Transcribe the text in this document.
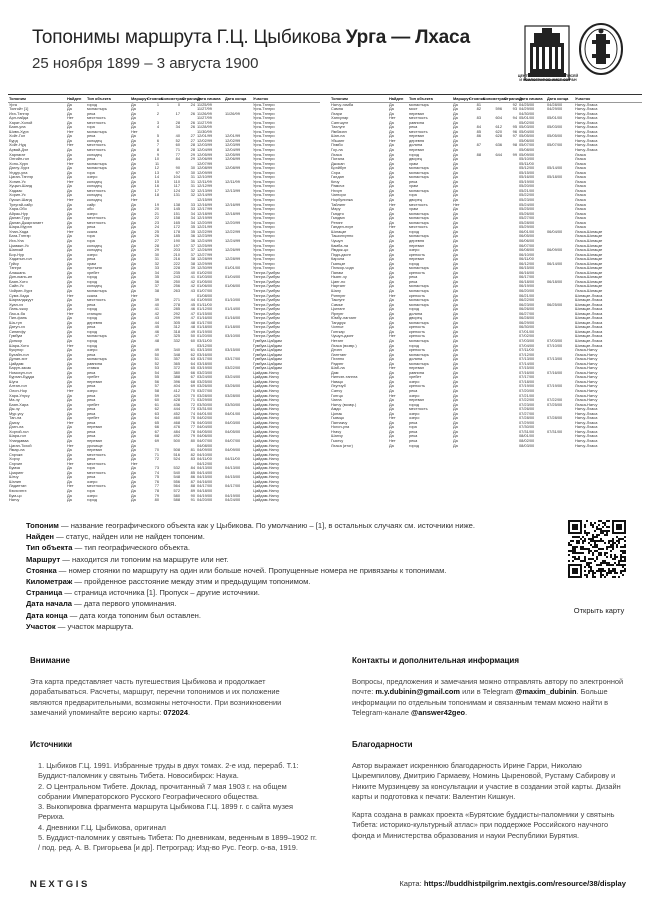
Топонимы маршрута Г.Ц. Цыбикова Урга — Лхаса
25 ноября 1899 – 3 августа 1900
ЦЕНТР ВОСТОЧНЫХ РУКОПИСЕЙ И КСИЛОГРАФОВ ИМБТ СО РАН
Топоним	Найден	Тип объекта	Маршрут	Стоянка	Километраж	Страница	Дата начала	Дата конца	Участок
Урга	Да	город	Да	1	0	24	11/25/99		Урга-Тэнгри
Толгойт [1]	Да	монастырь	Да				11/27/99		Урга-Тэнгри
Ихэ-Тэнгэр	Да	река	Да	2	17	26	11/26/99	11/26/99	Урга-Тэнгри
Арл-найда	Нет	местность	Да				11/27/99		Урга-Тэнгри
Харат-Холой	Да	местность	Да	3	28	26	11/27/99		Урга-Тэнгри
Баян-ула	Да	гора	Да	4	34	26	11/28/99		Урга-Тэнгри
Шивэ-Хурэ	Нет	монастырь	Нет				11/30/99		Урга-Тэнгри
Хойт-Гол	Да	река	Да	5	40	27	12/01/99	12/01/99	Урга-Тэнгри
Бурд	Да	колодец	Да	6	52	27	12/02/99	12/02/99	Урга-Тэнгри
Хойт-Нуд	Нет	местность	Да	7	60	28	12/03/99	12/03/99	Урга-Тэнгри
Арвай-Дэл	Да	местность	Да	8	71	28	12/04/99	12/04/99	Урга-Тэнгри
Харлагат	Да	колодец	Да	9	77	29	12/05/99	12/05/99	Урга-Тэнгри
Онгийн-гол	Да	река	Да	10	84	29	12/06/99	12/06/99	Урга-Тэнгри
Хоно-Хурэ	Нет	монастырь	Да	11			12/07/99		Урга-Тэнгри
Даглу-Хурэ	Да	монастырь	Да	12	90	30	12/08/99	12/08/99	Урга-Тэнгри
Ундур-ула	Да	гора	Да	13	97	30	12/09/99		Урга-Тэнгри
Цаган-Тэнгэр	Да	озеро	Да	14	104	31	12/10/99		Урга-Тэнгри
Хонин-Ус	Нет	колодец	Да	15	110	31	12/11/99	12/11/99	Урга-Тэнгри
Хуцын-Шанд	Да	колодец	Да	16	117	31	12/12/99		Урга-Тэнгри
Хадаас	Да	местность	Да	17	124	32	12/13/99	12/13/99	Урга-Тэнгри
Хорин-Ус	Да	колодец	Да	18	131	32	12/14/99		Урга-Тэнгри
Лусын-Шанд	Нет	колодец	Нет				12/15/99		Урга-Тэнгри
Тулугай-сайр	Да	сайр	Да	19	138	33	12/16/99	12/16/99	Урга-Тэнгри
Хара-Обо	Да	обо	Да	20	145	33	12/17/99		Урга-Тэнгри
Айрак-Нур	Да	озеро	Да	21	151	34	12/18/99	12/18/99	Урга-Тэнгри
Далан-Туру	Да	местность	Да	22	158	34	12/19/99		Урга-Тэнгри
Далан-Джаргалант	Да	местность	Да	23	165	34	12/20/99	12/20/99	Урга-Тэнгри
Шара-Мурэн	Да	река	Да	24	172	35	12/21/99		Урга-Тэнгри
Улан-Хада	Нет	скала	Да	25	178	35	12/22/99	12/22/99	Урга-Тэнгри
Бага-Тэнгэр	Да	гора	Да	26	185	36	12/23/99		Урга-Тэнгри
Ихэ-Ула	Да	гора	Да	27	190	36	12/24/99	12/24/99	Урга-Тэнгри
Цзамын-Ус	Да	колодец	Да	28	197	37	12/25/99		Урга-Тэнгри
Шанхай	Да	колодец	Да	29	203	37	12/26/99	12/26/99	Урга-Тэнгри
Бор-Нур	Да	озеро	Да	30	210	37	12/27/99		Урга-Тэнгри
Хадатын-гол	Да	река	Да	31	216	38	12/28/99	12/28/99	Урга-Тэнгри
Гуйсу	Да	храм	Да	32	222	38	12/29/99		Урга-Тэнгри
Тэнгри	Да	пустыня	Да	33	228	39	12/30/99	01/01/00	Урга-Тэнгри
Алашань	Да	хребет	Да	34	235	40	01/02/00		Тэнгри-Гумбум
Дин-юань-ин	Да	город	Да	35	243	41	01/03/00	01/04/00	Тэнгри-Гумбум
Баян-Хото	Да	город	Да	36	250	42	01/05/00		Тэнгри-Гумбум
Сайн-Ус	Да	колодец	Да	37	256	42	01/06/00	01/06/00	Тэнгри-Гумбум
Чойрин-Хурэ	Да	монастырь	Да	38	263	43	01/07/00		Тэнгри-Гумбум
Сумэ-Хада	Нет	скала	Нет				01/08/00		Тэнгри-Гумбум
Шаргалджуут	Да	местность	Да	39	271	44	01/09/00	01/10/00	Тэнгри-Гумбум
Хуан-хэ	Да	река	Да	40	278	45	01/11/00		Тэнгри-Гумбум
Лань-чжоу	Да	город	Да	41	285	46	01/12/00	01/14/00	Тэнгри-Гумбум
Лао-я-ба	Нет	станция	Да	42	292	47	01/15/00		Тэнгри-Гумбум
Пин-фань	Да	город	Да	43	299	47	01/16/00	01/16/00	Тэнгри-Гумбум
Ша-тун	Да	деревня	Да	44	305	48	01/17/00		Тэнгри-Гумбум
Датун-хэ	Да	река	Да	45	312	48	01/18/00	01/18/00	Тэнгри-Гумбум
Сининфу	Да	город	Да	46	318	49	01/19/00		Тэнгри-Гумбум
Гумбум	Да	монастырь	Да	47	325	50	01/20/00	03/10/00	Тэнгри-Гумбум
Донкор	Да	город	Да	48	332	60	03/11/00		Гумбум-Цайдам
Шара-Хото	Нет	город	Да				03/12/00		Гумбум-Цайдам
Кукунор	Да	озеро	Да	49	340	61	03/13/00	03/15/00	Гумбум-Цайдам
Бухайн-гол	Да	река	Да	50	348	62	03/16/00		Гумбум-Цайдам
Дулан-хит	Да	монастырь	Да	51	357	63	03/17/00	03/17/00	Гумбум-Цайдам
Цайдам	Да	равнина	Да	52	365	64	03/18/00		Гумбум-Цайдам
Барун-засак	Да	ставка	Да	53	372	65	03/19/00	03/22/00	Гумбум-Цайдам
Номохун-гол	Да	река	Да	54	380	66	03/23/00		Цайдам-Нагчу
Бурхан-Будда	Да	хребет	Да	55	388	67	03/24/00	03/24/00	Цайдам-Нагчу
Шуга	Да	перевал	Да	56	396	68	03/25/00		Цайдам-Нагчу
Алтан-гол	Да	река	Да	57	404	69	03/26/00	03/26/00	Цайдам-Нагчу
Олон-Нор	Нет	озеро	Да	58	412	70	03/27/00		Цайдам-Нагчу
Хара-Улусу	Да	река	Да	59	420	70	03/28/00	03/28/00	Цайдам-Нагчу
Ма-чу	Да	река	Да	60	428	71	03/29/00		Цайдам-Нагчу
Баян-Хара	Да	хребет	Да	61	436	72	03/30/00	03/30/00	Цайдам-Нагчу
Ды-чу	Да	река	Да	62	444	73	03/31/00		Цайдам-Нагчу
Мур-усу	Да	река	Да	63	452	74	04/01/00	04/01/00	Цайдам-Нагчу
Тан-ла	Да	хребет	Да	64	460	75	04/02/00		Цайдам-Нагчу
Дзачу	Нет	река	Да	65	468	76	04/03/00	04/03/00	Цайдам-Нагчу
Дзэн-ла	Да	перевал	Да	66	476	77	04/04/00		Цайдам-Нагчу
Хоргой-гол	Да	река	Да	67	484	78	04/05/00	04/05/00	Цайдам-Нагчу
Шара-гол	Да	река	Да	68	492	79	04/06/00		Цайдам-Нагчу
Уландаваа	Да	перевал	Да	69	500	80	04/07/00	04/07/00	Цайдам-Нагчу
Цаган-Тохой	Нет	урочище	Да				04/08/00		Цайдам-Нагчу
Ямар-ла	Да	перевал	Да	70	508	81	04/09/00	04/09/00	Цайдам-Нагчу
Сэрчжэ	Да	местность	Да	71	516	82	04/10/00		Цайдам-Нагчу
Хорчу	Да	река	Да	72	524	83	04/11/00	04/11/00	Цайдам-Нагчу
Сэрчин	Нет	местность	Нет				04/12/00		Цайдам-Нагчу
Бумза	Да	гора	Да	73	532	84	04/13/00	04/13/00	Цайдам-Нагчу
Цзаринг	Да	местность	Да	74	540	85	04/14/00		Цайдам-Нагчу
Шэчу	Да	река	Да	75	548	86	04/15/00	04/15/00	Цайдам-Нагчу
Шэлин	Да	озеро	Да	76	556	87	04/16/00		Цайдам-Нагчу
Ладинтан	Нет	местность	Да	77	564	88	04/17/00	04/17/00	Цайдам-Нагчу
Кэкэсэнгэ	Да	гора	Да	78	572	89	04/18/00		Цайдам-Нагчу
Бум-цо	Да	озеро	Да	79	580	90	04/19/00	04/19/00	Цайдам-Нагчу
Нагчу	Да	город	Да	80	588	91	04/20/00	04/24/00	Цайдам-Нагчу
Топоним	Найден	Тип объекта	Маршрут	Стоянка	Километраж	Страница	Дата начала	Дата конца	Участок
Нагчу-гомба	Да	монастырь	Да	81		92	04/25/00	04/28/00	Нагчу-Лхаса
Сампа	Да	мост	Да	82	596	93	04/29/00	04/29/00	Нагчу-Лхаса
Лхари	Да	перевал	Да				04/30/00		Нагчу-Лхаса
Ханхулар	Нет	местность	Да	83	604	94	05/01/00	05/01/00	Нагчу-Лхаса
Сангшунг	Да	равнина	Да				05/02/00		Нагчу-Лхаса
Тахлунг	Да	река	Да	84	612	95	05/03/00	05/03/00	Нагчу-Лхаса
Ямбачэн	Да	местность	Да	85	620	96	05/04/00		Нагчу-Лхаса
Шан-ла	Да	перевал	Да	86	628	97	05/05/00	05/05/00	Нагчу-Лхаса
Уйшанг	Нет	деревня	Да				05/06/00		Нагчу-Лхаса
Пэмбо	Да	долина	Да	87	636	98	05/07/00	05/07/00	Нагчу-Лхаса
Гоу-ла	Да	перевал	Да				05/08/00		Нагчу-Лхаса
Лхаса	Да	город	Да	88	644	99	05/09/00		Лхаса
Поталa	Да	дворец	Да				05/10/00		Лхаса
Джокан	Да	храм	Да				05/11/00		Лхаса
Брэйбун	Да	монастырь	Да				05/12/00	05/14/00	Лхаса
Сэра	Да	монастырь	Да				05/15/00		Лхаса
Галдан	Да	монастырь	Да				05/16/00	05/18/00	Лхаса
Кичу	Да	река	Да				05/19/00		Лхаса
Рамочэ	Да	храм	Да				05/20/00		Лхаса
Нэчун	Да	монастырь	Да				05/21/00		Лхаса
Чагпори	Да	гора	Да				05/22/00		Лхаса
Норбулинка	Да	дворец	Да				05/23/00		Лхаса
Тайлинг	Нет	местность	Нет				05/24/00		Лхаса
Мару	Да	храм	Да				05/25/00		Лхаса
Гьюдто	Да	монастырь	Да				05/26/00		Лхаса
Гьюдмэ	Да	монастырь	Да				05/27/00		Лхаса
Рэтинг	Да	монастырь	Да				05/28/00		Лхаса
Ганден-пхун	Нет	местность	Да				05/29/00		Лхаса
Шигацзе	Да	город	Да				06/01/00	06/04/00	Лхаса-Шигацзе
Ташилхунпо	Да	монастырь	Да				06/05/00		Лхаса-Шигацзе
Чушул	Да	деревня	Да				06/06/00		Лхаса-Шигацзе
Камба-ла	Да	перевал	Да				06/07/00		Лхаса-Шигацзе
Ямдок-цо	Да	озеро	Да				06/08/00	06/09/00	Лхаса-Шигацзе
Пэдэ-дзонг	Да	крепость	Да				06/10/00		Лхаса-Шигацзе
Карола	Да	перевал	Да				06/11/00		Лхаса-Шигацзе
Гьянцзе	Да	город	Да				06/12/00	06/14/00	Лхаса-Шигацзе
Пэлкор-чодэ	Да	монастырь	Да				06/15/00		Лхаса-Шигацзе
Панам	Да	крепость	Да				06/16/00		Лхаса-Шигацзе
Ньянг-чу	Да	река	Да				06/17/00		Лхаса-Шигацзе
Цанг-по	Да	река	Да				06/18/00	06/18/00	Лхаса-Шигацзе
Нартанг	Да	монастырь	Да				06/19/00		Лхаса-Шигацзе
Шалу	Да	монастырь	Да				06/20/00		Лхаса-Шигацзе
Ринпунг	Нет	крепость	Да				06/21/00		Шигацзе-Лхаса
Таклунг	Да	монастырь	Да				06/22/00		Шигацзе-Лхаса
Самье	Да	монастырь	Да				06/23/00	06/25/00	Шигацзе-Лхаса
Цзэтанг	Да	город	Да				06/26/00		Шигацзе-Лхаса
Ярлунг	Да	долина	Да				06/27/00		Шигацзе-Лхаса
Юмбу-лагханг	Да	дворец	Да				06/28/00		Шигацзе-Лхаса
Тандрук	Да	монастырь	Да				06/29/00		Шигацзе-Лхаса
Чонгье	Да	крепость	Да				06/30/00		Шигацзе-Лхаса
Гонгкар	Да	крепость	Да				07/01/00		Шигацзе-Лхаса
Чушул-дзонг	Нет	крепость	Да				07/02/00		Шигацзе-Лхаса
Нетанг	Да	монастырь	Да				07/03/00	07/03/00	Шигацзе-Лхаса
Лхаса (возвр.)	Да	город	Да				07/04/00	07/10/00	Шигацзе-Лхаса
Дэчэн	Да	крепость	Да				07/11/00		Лхаса-Нагчу
Лангтанг	Да	монастырь	Да				07/12/00		Лхаса-Нагчу
Пхэнпо	Да	долина	Да				07/13/00	07/13/00	Лхаса-Нагчу
Радэнг	Да	монастырь	Да				07/14/00		Лхаса-Нагчу
Шаб-ла	Нет	перевал	Да				07/15/00		Лхаса-Нагчу
Дам	Да	равнина	Да				07/16/00	07/16/00	Лхаса-Нагчу
Нинчэн-тангла	Да	хребет	Да				07/17/00		Лхаса-Нагчу
Намцо	Да	озеро	Да				07/18/00		Лхаса-Нагчу
Лхунчуб	Да	крепость	Да				07/19/00	07/19/00	Лхаса-Нагчу
Санчу	Да	река	Да				07/20/00		Лхаса-Нагчу
Гонгцо	Нет	озеро	Да				07/21/00		Лхаса-Нагчу
Чагла	Да	перевал	Да				07/22/00	07/22/00	Лхаса-Нагчу
Нагчу (возвр.)	Да	город	Да				07/23/00	07/25/00	Лхаса-Нагчу
Амдо	Да	местность	Да				07/26/00		Нагчу-Лхаса
Цонак	Да	озеро	Да				07/27/00		Нагчу-Лхаса
Гьямцо	Нет	озеро	Да				07/28/00	07/28/00	Нагчу-Лхаса
Пагнакчу	Да	река	Да				07/29/00		Нагчу-Лхаса
Ногон-ула	Да	гора	Да				07/30/00		Нагчу-Лхаса
Нгачу	Да	река	Да				07/31/00	07/31/00	Нагчу-Лхаса
Шапчу	Да	река	Да				08/01/00		Нагчу-Лхаса
Гьялчу	Нет	река	Да				08/02/00		Нагчу-Лхаса
Лхаса (итог)	Да	город	Да				08/03/00		Нагчу-Лхаса
Топоним — название географического объекта как у Цыбикова. По умолчанию – [1], в остальных случаях см. источники ниже.
Найден — статус, найден или не найден топоним.
Тип объекта — тип географического объекта.
Маршрут — находится ли топоним на маршруте или нет.
Стоянка — номер стоянки по маршруту на один или больше ночей. Пропущенные номера не привязаны к топонимам.
Километраж — пройденное расстояние между этим и предыдущим топонимом.
Страница — страница источника [1]. Пропуск – другие источники.
Дата начала — дата первого упоминания.
Дата конца — дата когда топоним был оставлен.
Участок — участок маршрута.
Открыть карту
Внимание

Эта карта представляет часть путешествия Цыбикова и продолжает дорабатываться. Расчеты, маршрут, перечни топонимов и их положение являются предварительными, возможны неточности. При возникновении замечаний упоминайте версию карты: 072024.

Контакты и дополнительная информация

Вопросы, предложения и замечания можно отправлять автору по электронной почте: m.y.dubinin@gmail.com или в Telegram @maxim_dubinin. Больше информации по отдельным топонимам и связанным темам можно найти в Telegram-канале @answer42geo.

Источники
1. Цыбиков Г.Ц. 1991. Избранные труды в двух томах. 2-е изд. перераб. Т.1: Буддист-паломник у святынь Тибета. Новосибирск: Наука.
2. О Центральном Тибете. Доклад, прочитанный 7 мая 1903 г. на общем собрании Императорского Русского Географического общества.
3. Выкопировка фрагмента маршрута Цыбикова Г.Ц. 1899 г. с сайта музея Рериха.
4. Дневники Г.Ц. Цыбикова, оригинал
5. Буддист-паломник у святынь Тибета: По дневникам, веденным в 1899–1902 гг. / под. ред. А. В. Григорьева [и др]. Петроград: Изд-во Рус. Геогр. о-ва, 1919.
Благодарности

Автор выражает искреннюю благодарность Ирине Гарри, Николаю Цыремпилову, Дмитрию Гармаеву, Номинь Цыреновой, Рустаму Сабирову и Никите Мурзинцеву за консультации и участие в создании этой карты. Дизайн карты и подготовка к печати: Валентин Кишкун.

Карта создана в рамках проекта «Бурятские буддисты-паломники у святынь Тибета: историко-культурный атлас» при поддержке Российского научного фонда и Министерства образования и науки Республики Бурятия.

NEXTGIS	Карта: https://buddhistpilgrim.nextgis.com/resource/38/display
